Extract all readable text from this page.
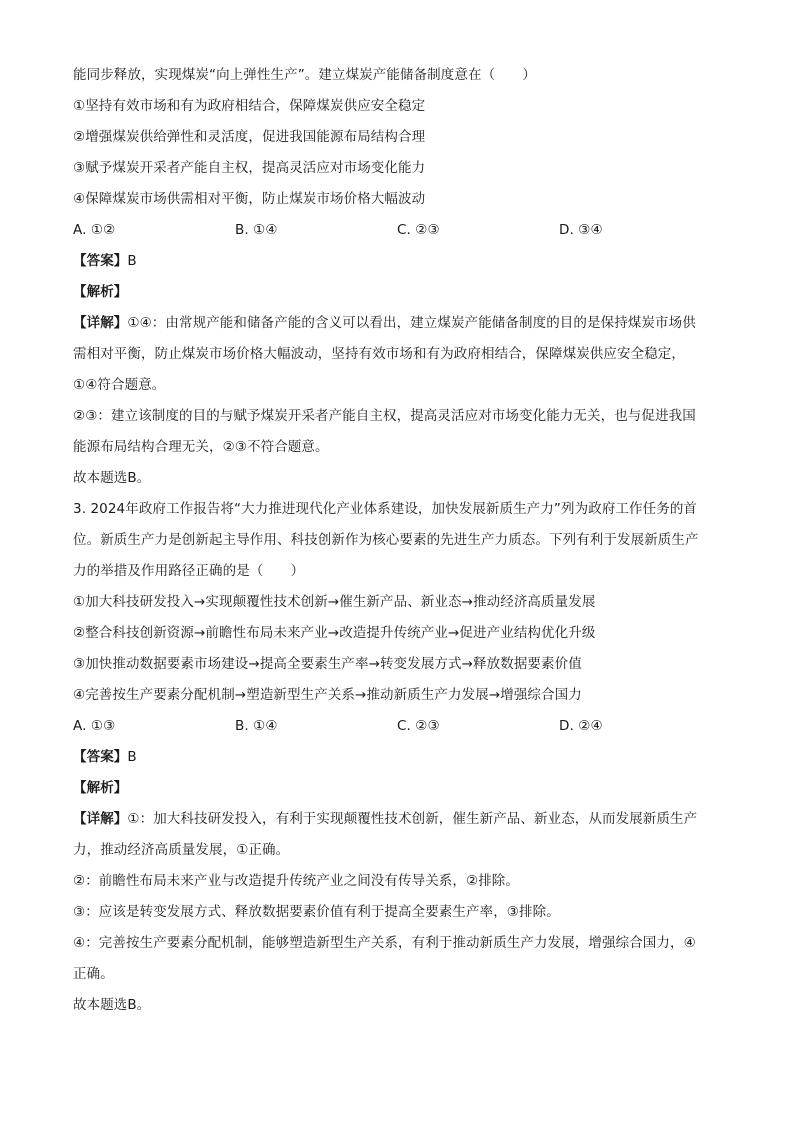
能同步释放，实现煤炭“向上弹性生产”。建立煤炭产能储备制度意在（　　）
①坚持有效市场和有为政府相结合，保障煤炭供应安全稳定
②增强煤炭供给弹性和灵活度，促进我国能源布局结构合理
③赋予煤炭开采者产能自主权，提高灵活应对市场变化能力
④保障煤炭市场供需相对平衡，防止煤炭市场价格大幅波动
A. ①②	B. ①④	C. ②③	D. ③④
【答案】B
【解析】
【详解】①④：由常规产能和储备产能的含义可以看出，建立煤炭产能储备制度的目的是保持煤炭市场供
需相对平衡，防止煤炭市场价格大幅波动，坚持有效市场和有为政府相结合，保障煤炭供应安全稳定，
①④符合题意。
②③：建立该制度的目的与赋予煤炭开采者产能自主权，提高灵活应对市场变化能力无关，也与促进我国
能源布局结构合理无关，②③不符合题意。
故本题选B。
3. 2024年政府工作报告将“大力推进现代化产业体系建设，加快发展新质生产力”列为政府工作任务的首
位。新质生产力是创新起主导作用、科技创新作为核心要素的先进生产力质态。下列有利于发展新质生产
力的举措及作用路径正确的是（　　）
①加大科技研发投入→实现颠覆性技术创新→催生新产品、新业态→推动经济高质量发展
②整合科技创新资源→前瞻性布局未来产业→改造提升传统产业→促进产业结构优化升级
③加快推动数据要素市场建设→提高全要素生产率→转变发展方式→释放数据要素价值
④完善按生产要素分配机制→塑造新型生产关系→推动新质生产力发展→增强综合国力
A. ①③	B. ①④	C. ②③	D. ②④
【答案】B
【解析】
【详解】①：加大科技研发投入，有利于实现颠覆性技术创新，催生新产品、新业态，从而发展新质生产
力，推动经济高质量发展，①正确。
②：前瞻性布局未来产业与改造提升传统产业之间没有传导关系，②排除。
③：应该是转变发展方式、释放数据要素价值有利于提高全要素生产率，③排除。
④：完善按生产要素分配机制，能够塑造新型生产关系，有利于推动新质生产力发展，增强综合国力，④
正确。
故本题选B。
